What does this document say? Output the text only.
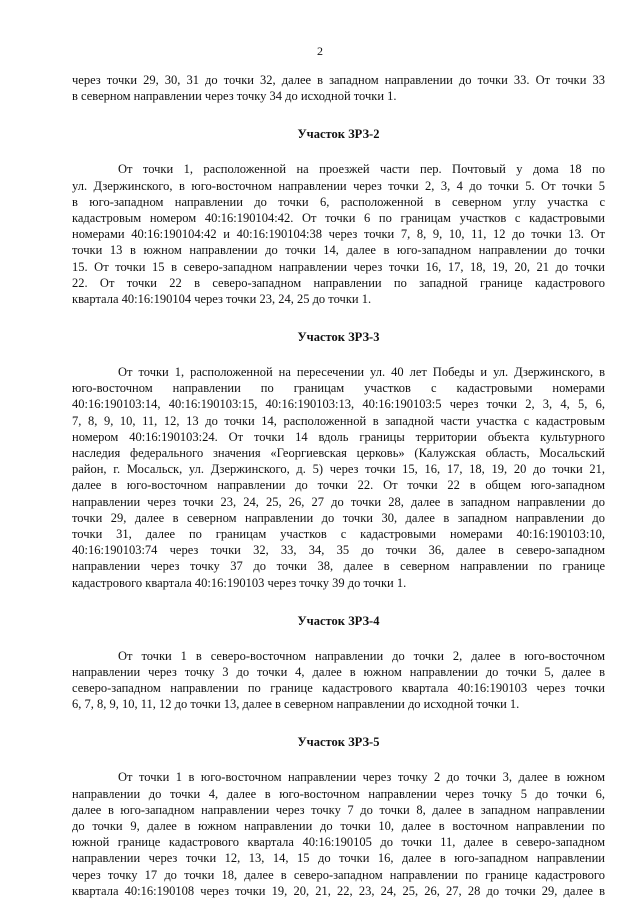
2
через точки 29, 30, 31 до точки 32, далее в западном направлении до точки 33. От точки 33
в северном направлении через точку 34 до исходной точки 1.
Участок ЗРЗ-2
От точки 1, расположенной на проезжей части пер. Почтовый у дома 18 по
ул. Дзержинского, в юго-восточном направлении через точки 2, 3, 4 до точки 5. От точки 5
в юго-западном направлении до точки 6, расположенной в северном углу участка с
кадастровым номером 40:16:190104:42. От точки 6 по границам участков с кадастровыми
номерами 40:16:190104:42 и 40:16:190104:38 через точки 7, 8, 9, 10, 11, 12 до точки 13. От
точки 13 в южном направлении до точки 14, далее в юго-западном направлении до точки
15. От точки 15 в северо-западном направлении через точки 16, 17, 18, 19, 20, 21 до точки
22. От точки 22 в северо-западном направлении по западной границе кадастрового
квартала 40:16:190104 через точки 23, 24, 25 до точки 1.
Участок ЗРЗ-3
От точки 1, расположенной на пересечении ул. 40 лет Победы и ул. Дзержинского, в
юго-восточном направлении по границам участков с кадастровыми номерами
40:16:190103:14, 40:16:190103:15, 40:16:190103:13, 40:16:190103:5 через точки 2, 3, 4, 5, 6,
7, 8, 9, 10, 11, 12, 13 до точки 14, расположенной в западной части участка с кадастровым
номером 40:16:190103:24. От точки 14 вдоль границы территории объекта культурного
наследия федерального значения «Георгиевская церковь» (Калужская область, Мосальский
район, г. Мосальск, ул. Дзержинского, д. 5) через точки 15, 16, 17, 18, 19, 20 до точки 21,
далее в юго-восточном направлении до точки 22. От точки 22 в общем юго-западном
направлении через точки 23, 24, 25, 26, 27 до точки 28, далее в западном направлении до
точки 29, далее в северном направлении до точки 30, далее в западном направлении до
точки 31, далее по границам участков с кадастровыми номерами 40:16:190103:10,
40:16:190103:74 через точки 32, 33, 34, 35 до точки 36, далее в северо-западном
направлении через точку 37 до точки 38, далее в северном направлении по границе
кадастрового квартала 40:16:190103 через точку 39 до точки 1.
Участок ЗРЗ-4
От точки 1 в северо-восточном направлении до точки 2, далее в юго-восточном
направлении через точку 3 до точки 4, далее в южном направлении до точки 5, далее в
северо-западном направлении по границе кадастрового квартала 40:16:190103 через точки
6, 7, 8, 9, 10, 11, 12 до точки 13, далее в северном направлении до исходной точки 1.
Участок ЗРЗ-5
От точки 1 в юго-восточном направлении через точку 2 до точки 3, далее в южном
направлении до точки 4, далее в юго-восточном направлении через точку 5 до точки 6,
далее в юго-западном направлении через точку 7 до точки 8, далее в западном направлении
до точки 9, далее в южном направлении до точки 10, далее в восточном направлении по
южной границе кадастрового квартала 40:16:190105 до точки 11, далее в северо-западном
направлении через точки 12, 13, 14, 15 до точки 16, далее в юго-западном направлении
через точку 17 до точки 18, далее в северо-западном направлении по границе кадастрового
квартала 40:16:190108 через точки 19, 20, 21, 22, 23, 24, 25, 26, 27, 28 до точки 29, далее в
